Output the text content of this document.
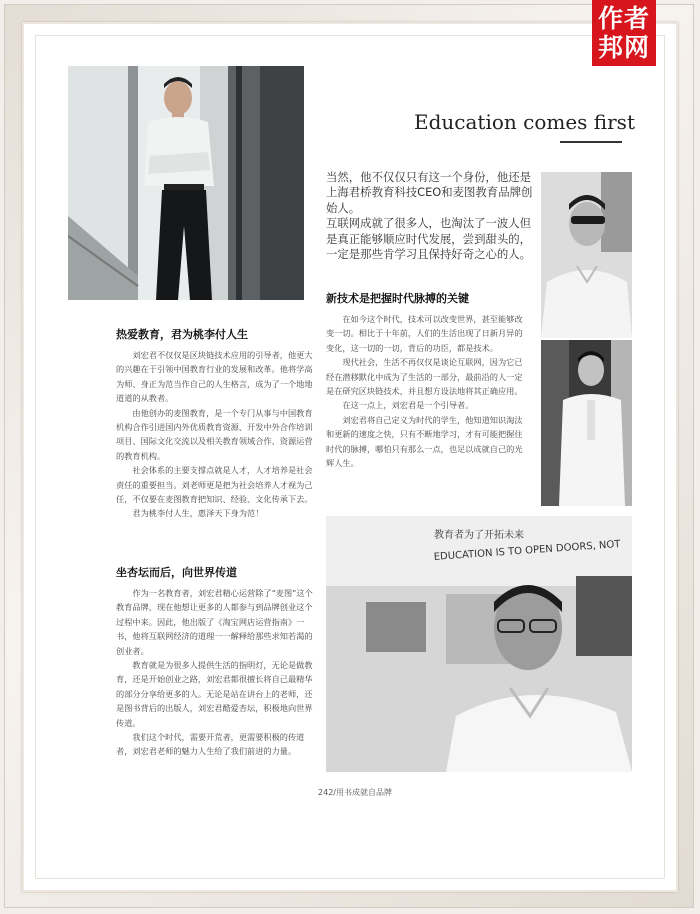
作者
邦网
Education comes first

当然，他不仅仅只有这一个身份，他还是上海君桥教育科技CEO和麦图教育品牌创始人。

互联网成就了很多人，也淘汰了一波人但是真正能够顺应时代发展，尝到甜头的，一定是那些肯学习且保持好奇之心的人。

新技术是把握时代脉搏的关键

在如今这个时代，技术可以改变世界，甚至能够改变一切。相比于十年前，人们的生活出现了日新月异的变化，这一切的一切，背后的功臣，都是技术。

现代社会，生活不再仅仅是谈论互联网，因为它已经在潜移默化中成为了生活的一部分，最前沿的人一定是在研究区块链技术，并且想方设法地将其正确应用。

在这一点上，刘宏君是一个引导者。

刘宏君将自己定义为时代的学生，他知道知识淘汰和更新的速度之快，只有不断地学习，才有可能把握住时代的脉搏，哪怕只有那么一点，也足以成就自己的光辉人生。

热爱教育，君为桃李付人生

刘宏君不仅仅是区块链技术应用的引导者，他更大的兴趣在于引领中国教育行业的发展和改革。他将学高为师、身正为范当作自己的人生格言，成为了一个地地道道的从教者。

由他创办的麦图教育，是一个专门从事与中国教育机构合作引进国内外优质教育资源、开发中外合作培训项目、国际文化交流以及相关教育领域合作、资源运营的教育机构。

社会体系的主要支撑点就是人才，人才培养是社会责任的重要担当。刘老师更是把为社会培养人才视为己任，不仅要在麦图教育把知识、经验、文化传承下去。

君为桃李付人生，惠泽天下身为范！

坐杏坛而后，向世界传道

作为一名教育者，刘宏君精心运营除了“麦图”这个教育品牌，现在他想让更多的人都参与到品牌创业这个过程中来。因此，他出版了《淘宝网店运营指南》一书，他将互联网经济的道理一一解释给那些求知若渴的创业者。

教育就是为很多人提供生活的指明灯，无论是做教育，还是开始创业之路，刘宏君都很擅长将自己最精华的部分分享给更多的人。无论是站在讲台上的老师，还是图书背后的出版人，刘宏君酷爱杏坛，积极地向世界传道。

我们这个时代，需要开荒者，更需要积极的传道者，刘宏君老师的魅力人生给了我们前进的力量。

教育者为了开拓未来
EDUCATION IS TO OPEN DOORS, NOT
242/用书成就自品牌
